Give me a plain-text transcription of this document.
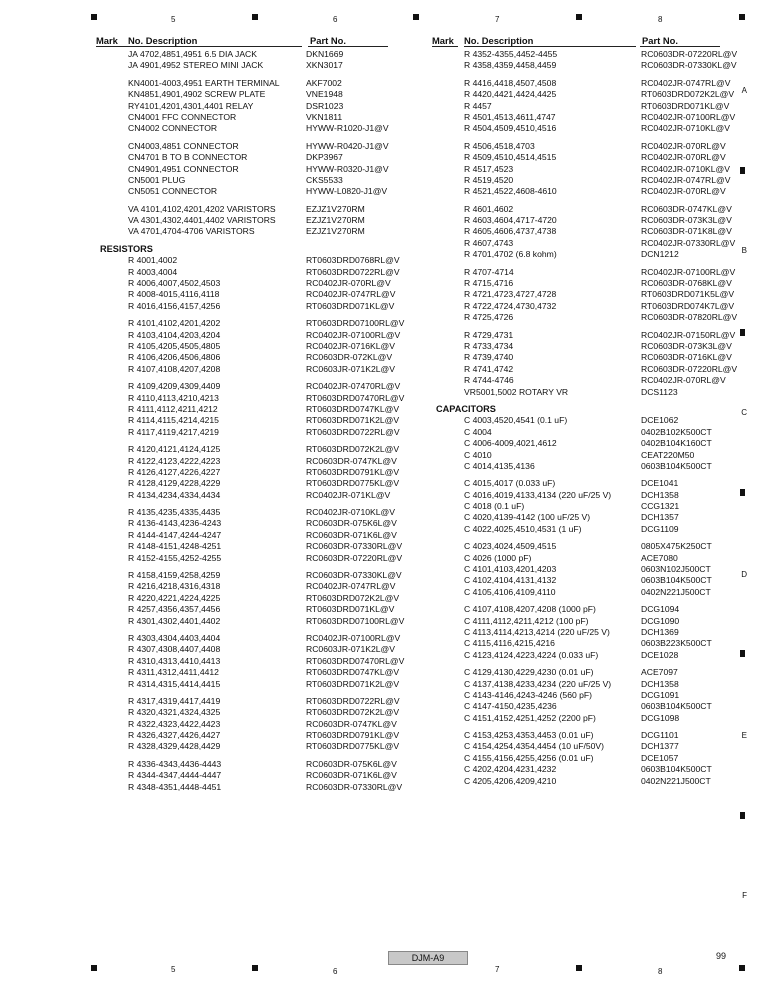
5	6	7	8
5	6	7	8
A
B
C
D
E
F
Mark No. Description	Part No.
JA 4702,4851,4951 6.5 DIA JACK	DKN1669
JA 4901,4952 STEREO MINI JACK	XKN3017
KN4001-4003,4951 EARTH TERMINAL	AKF7002
KN4851,4901,4902 SCREW PLATE	VNE1948
RY4101,4201,4301,4401 RELAY	DSR1023
CN4001 FFC CONNECTOR	VKN1811
CN4002 CONNECTOR	HYWW-R1020-J1@V
CN4003,4851 CONNECTOR	HYWW-R0420-J1@V
CN4701 B TO B CONNECTOR	DKP3967
CN4901,4951 CONNECTOR	HYWW-R0320-J1@V
CN5001 PLUG	CKS5533
CN5051 CONNECTOR	HYWW-L0820-J1@V
VA 4101,4102,4201,4202 VARISTORS	EZJZ1V270RM
VA 4301,4302,4401,4402 VARISTORS	EZJZ1V270RM
VA 4701,4704-4706 VARISTORS	EZJZ1V270RM
RESISTORS
R 4001,4002	RT0603DRD0768RL@V
R 4003,4004	RT0603DRD0722RL@V
R 4006,4007,4502,4503	RC0402JR-070RL@V
R 4008-4015,4116,4118	RC0402JR-0747RL@V
R 4016,4156,4157,4256	RT0603DRD071KL@V
R 4101,4102,4201,4202	RT0603DRD07100RL@V
R 4103,4104,4203,4204	RC0402JR-07100RL@V
R 4105,4205,4505,4805	RC0402JR-0716KL@V
R 4106,4206,4506,4806	RC0603DR-072KL@V
R 4107,4108,4207,4208	RC0603JR-071K2L@V
R 4109,4209,4309,4409	RC0402JR-07470RL@V
R 4110,4113,4210,4213	RT0603DRD07470RL@V
R 4111,4112,4211,4212	RT0603DRD0747KL@V
R 4114,4115,4214,4215	RT0603DRD071K2L@V
R 4117,4119,4217,4219	RT0603DRD0722RL@V
R 4120,4121,4124,4125	RT0603DRD072K2L@V
R 4122,4123,4222,4223	RC0603DR-0747KL@V
R 4126,4127,4226,4227	RT0603DRD0791KL@V
R 4128,4129,4228,4229	RT0603DRD0775KL@V
R 4134,4234,4334,4434	RC0402JR-071KL@V
R 4135,4235,4335,4435	RC0402JR-0710KL@V
R 4136-4143,4236-4243	RC0603DR-075K6L@V
R 4144-4147,4244-4247	RC0603DR-071K6L@V
R 4148-4151,4248-4251	RC0603DR-07330RL@V
R 4152-4155,4252-4255	RC0603DR-07220RL@V
R 4158,4159,4258,4259	RC0603DR-07330KL@V
R 4216,4218,4316,4318	RC0402JR-0747RL@V
R 4220,4221,4224,4225	RT0603DRD072K2L@V
R 4257,4356,4357,4456	RT0603DRD071KL@V
R 4301,4302,4401,4402	RT0603DRD07100RL@V
R 4303,4304,4403,4404	RC0402JR-07100RL@V
R 4307,4308,4407,4408	RC0603JR-071K2L@V
R 4310,4313,4410,4413	RT0603DRD07470RL@V
R 4311,4312,4411,4412	RT0603DRD0747KL@V
R 4314,4315,4414,4415	RT0603DRD071K2L@V
R 4317,4319,4417,4419	RT0603DRD0722RL@V
R 4320,4321,4324,4325	RT0603DRD072K2L@V
R 4322,4323,4422,4423	RC0603DR-0747KL@V
R 4326,4327,4426,4427	RT0603DRD0791KL@V
R 4328,4329,4428,4429	RT0603DRD0775KL@V
R 4336-4343,4436-4443	RC0603DR-075K6L@V
R 4344-4347,4444-4447	RC0603DR-071K6L@V
R 4348-4351,4448-4451	RC0603DR-07330RL@V
Mark No. Description	Part No.
R 4352-4355,4452-4455	RC0603DR-07220RL@V
R 4358,4359,4458,4459	RC0603DR-07330KL@V
R 4416,4418,4507,4508	RC0402JR-0747RL@V
R 4420,4421,4424,4425	RT0603DRD072K2L@V
R 4457	RT0603DRD071KL@V
R 4501,4513,4611,4747	RC0402JR-07100RL@V
R 4504,4509,4510,4516	RC0402JR-0710KL@V
R 4506,4518,4703	RC0402JR-070RL@V
R 4509,4510,4514,4515	RC0402JR-070RL@V
R 4517,4523	RC0402JR-0710KL@V
R 4519,4520	RC0402JR-0747RL@V
R 4521,4522,4608-4610	RC0402JR-070RL@V
R 4601,4602	RC0603DR-0747KL@V
R 4603,4604,4717-4720	RC0603DR-073K3L@V
R 4605,4606,4737,4738	RC0603DR-071K8L@V
R 4607,4743	RC0402JR-07330RL@V
R 4701,4702 (6.8 kohm)	DCN1212
R 4707-4714	RC0402JR-07100RL@V
R 4715,4716	RC0603DR-0768KL@V
R 4721,4723,4727,4728	RT0603DRD071K5L@V
R 4722,4724,4730,4732	RT0603DRD074K7L@V
R 4725,4726	RC0603DR-07820RL@V
R 4729,4731	RC0402JR-07150RL@V
R 4733,4734	RC0603DR-073K3L@V
R 4739,4740	RC0603DR-0716KL@V
R 4741,4742	RC0603DR-07220RL@V
R 4744-4746	RC0402JR-070RL@V
VR5001,5002 ROTARY VR	DCS1123
CAPACITORS
C 4003,4520,4541 (0.1 uF)	DCE1062
C 4004	0402B102K500CT
C 4006-4009,4021,4612	0402B104K160CT
C 4010	CEAT220M50
C 4014,4135,4136	0603B104K500CT
C 4015,4017 (0.033 uF)	DCE1041
C 4016,4019,4133,4134 (220 uF/25 V)	DCH1358
C 4018 (0.1 uF)	CCG1321
C 4020,4139-4142 (100 uF/25 V)	DCH1357
C 4022,4025,4510,4531 (1 uF)	DCG1109
C 4023,4024,4509,4515	0805X475K250CT
C 4026 (1000 pF)	ACE7080
C 4101,4103,4201,4203	0603N102J500CT
C 4102,4104,4131,4132	0603B104K500CT
C 4105,4106,4109,4110	0402N221J500CT
C 4107,4108,4207,4208 (1000 pF)	DCG1094
C 4111,4112,4211,4212 (100 pF)	DCG1090
C 4113,4114,4213,4214 (220 uF/25 V)	DCH1369
C 4115,4116,4215,4216	0603B223K500CT
C 4123,4124,4223,4224 (0.033 uF)	DCE1028
C 4129,4130,4229,4230 (0.01 uF)	ACE7097
C 4137,4138,4233,4234 (220 uF/25 V)	DCH1358
C 4143-4146,4243-4246 (560 pF)	DCG1091
C 4147-4150,4235,4236	0603B104K500CT
C 4151,4152,4251,4252 (2200 pF)	DCG1098
C 4153,4253,4353,4453 (0.01 uF)	DCG1101
C 4154,4254,4354,4454 (10 uF/50V)	DCH1377
C 4155,4156,4255,4256 (0.01 uF)	DCE1057
C 4202,4204,4231,4232	0603B104K500CT
C 4205,4206,4209,4210	0402N221J500CT
DJM-A9	99
